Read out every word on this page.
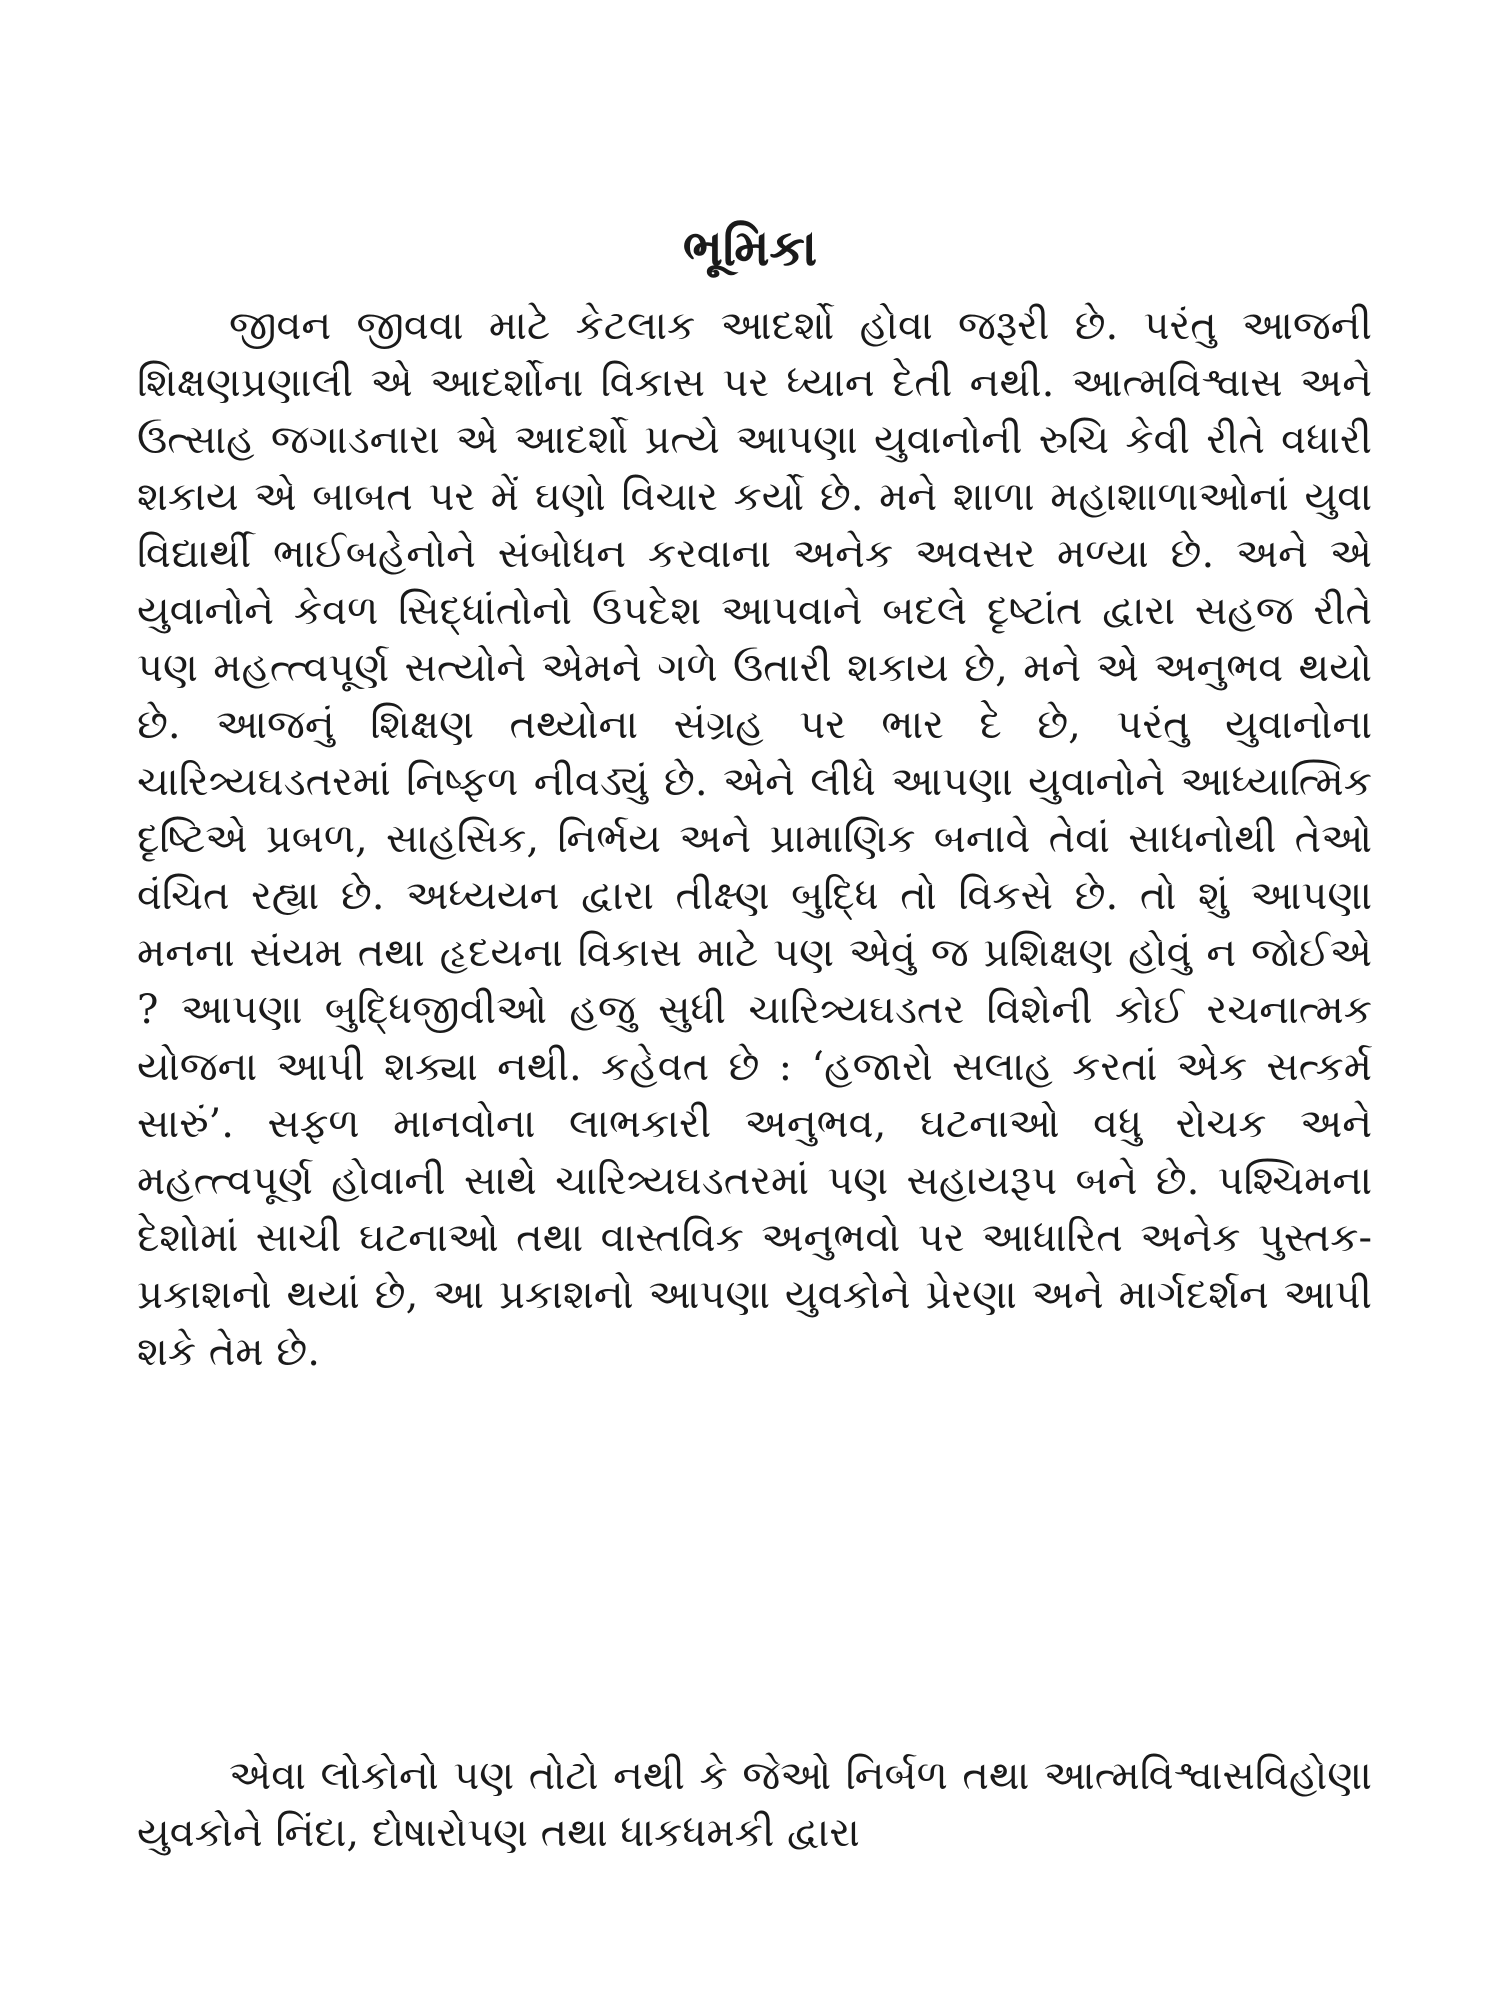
ભૂમિકા

જીવન જીવવા માટે કેટલાક આદર્શો હોવા જરૂરી છે. પરંતુ આજની શિક્ષણપ્રણાલી એ આદર્શોના વિકાસ પર ધ્યાન દેતી નથી. આત્મવિશ્વાસ અને ઉત્સાહ જગાડનારા એ આદર્શો પ્રત્યે આપણા યુવાનોની રુચિ કેવી રીતે વધારી શકાય એ બાબત પર મેં ઘણો વિચાર કર્યો છે. મને શાળા મહાશાળાઓનાં યુવા વિદ્યાર્થી ભાઈબહેનોને સંબોધન કરવાના અનેક અવસર મળ્યા છે. અને એ યુવાનોને કેવળ સિદ્ધાંતોનો ઉપદેશ આપવાને બદલે દૃષ્ટાંત દ્વારા સહજ રીતે પણ મહત્ત્વપૂર્ણ સત્યોને એમને ગળે ઉતારી શકાય છે, મને એ અનુભવ થયો છે. આજનું શિક્ષણ તથ્યોના સંગ્રહ પર ભાર દે છે, પરંતુ યુવાનોના ચારિત્ર્યઘડતરમાં નિષ્ફળ નીવડ્યું છે. એને લીધે આપણા યુવાનોને આધ્યાત્મિક દૃષ્ટિએ પ્રબળ, સાહસિક, નિર્ભય અને પ્રામાણિક બનાવે તેવાં સાધનોથી તેઓ વંચિત રહ્યા છે. અધ્યયન દ્વારા તીક્ષ્ણ બુદ્ધિ તો વિકસે છે. તો શું આપણા મનના સંયમ તથા હૃદયના વિકાસ માટે પણ એવું જ પ્રશિક્ષણ હોવું ન જોઈએ ? આપણા બુદ્ધિજીવીઓ હજુ સુધી ચારિત્ર્યઘડતર વિશેની કોઈ રચનાત્મક યોજના આપી શક્યા નથી. કહેવત છે : ‘હજારો સલાહ કરતાં એક સત્કર્મ સારું’. સફળ માનવોના લાભકારી અનુભવ, ઘટનાઓ વધુ રોચક અને મહત્ત્વપૂર્ણ હોવાની સાથે ચારિત્ર્યઘડતરમાં પણ સહાયરૂપ બને છે. પશ્ચિમના દેશોમાં સાચી ઘટનાઓ તથા વાસ્તવિક અનુભવો પર આધારિત અનેક પુસ્તક-પ્રકાશનો થયાં છે, આ પ્રકાશનો આપણા યુવકોને પ્રેરણા અને માર્ગદર્શન આપી શકે તેમ છે.

એવા લોકોનો પણ તોટો નથી કે જેઓ નિર્બળ તથા આત્મવિશ્વાસવિહોણા યુવકોને નિંદા, દોષારોપણ તથા ધાકધમકી દ્વારા
